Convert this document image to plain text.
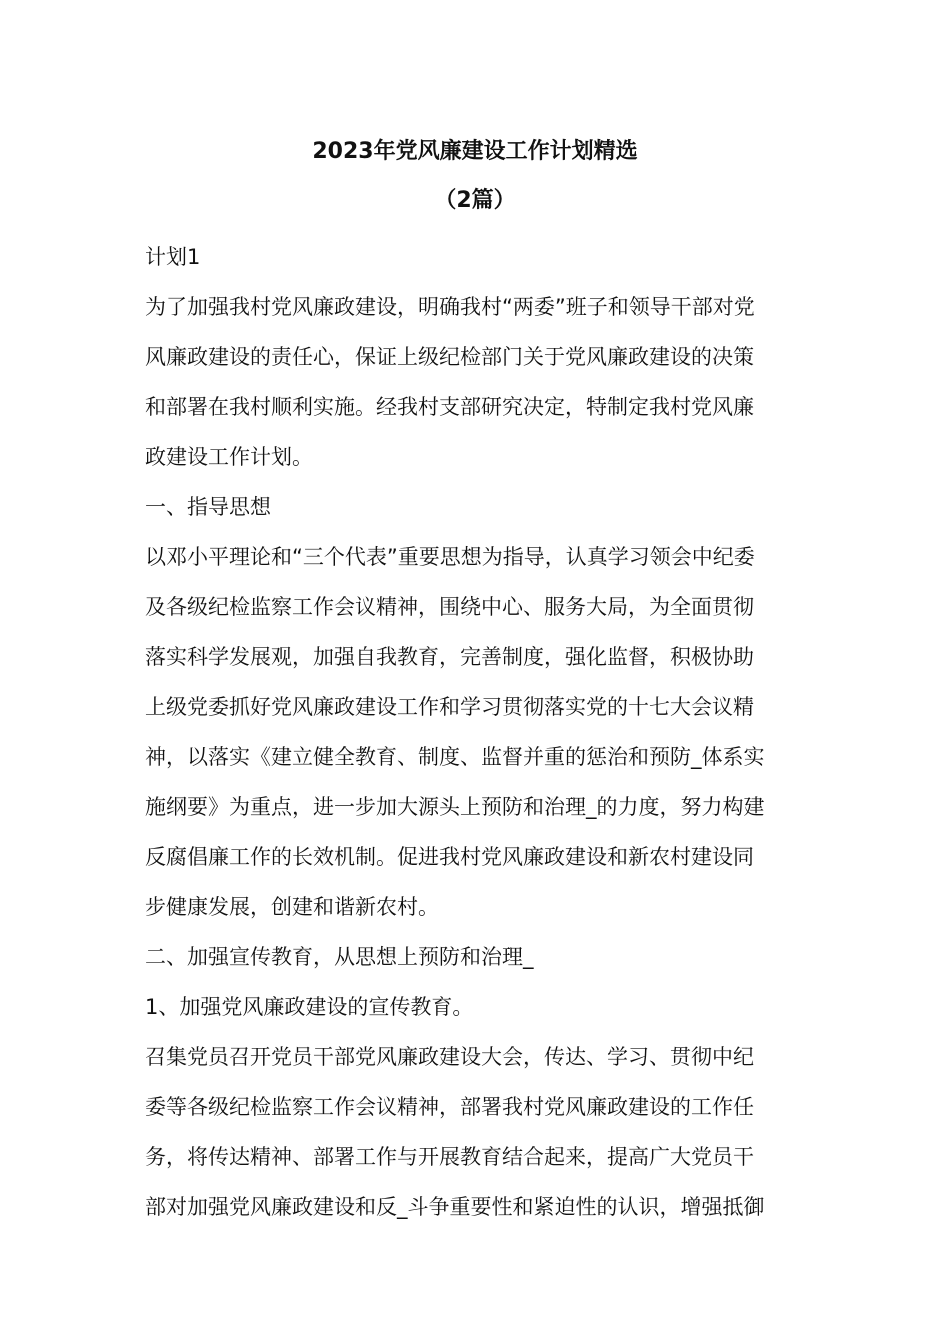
2023年党风廉建设工作计划精选
（2篇）
计划1
为了加强我村党风廉政建设，明确我村“两委”班子和领导干部对党
风廉政建设的责任心，保证上级纪检部门关于党风廉政建设的决策
和部署在我村顺利实施。经我村支部研究决定，特制定我村党风廉
政建设工作计划。
一、指导思想
以邓小平理论和“三个代表”重要思想为指导，认真学习领会中纪委
及各级纪检监察工作会议精神，围绕中心、服务大局，为全面贯彻
落实科学发展观，加强自我教育，完善制度，强化监督，积极协助
上级党委抓好党风廉政建设工作和学习贯彻落实党的十七大会议精
神，以落实《建立健全教育、制度、监督并重的惩治和预防_体系实
施纲要》为重点，进一步加大源头上预防和治理_的力度，努力构建
反腐倡廉工作的长效机制。促进我村党风廉政建设和新农村建设同
步健康发展，创建和谐新农村。
二、加强宣传教育，从思想上预防和治理_
1、加强党风廉政建设的宣传教育。
召集党员召开党员干部党风廉政建设大会，传达、学习、贯彻中纪
委等各级纪检监察工作会议精神，部署我村党风廉政建设的工作任
务，将传达精神、部署工作与开展教育结合起来，提高广大党员干
部对加强党风廉政建设和反_斗争重要性和紧迫性的认识，增强抵御
